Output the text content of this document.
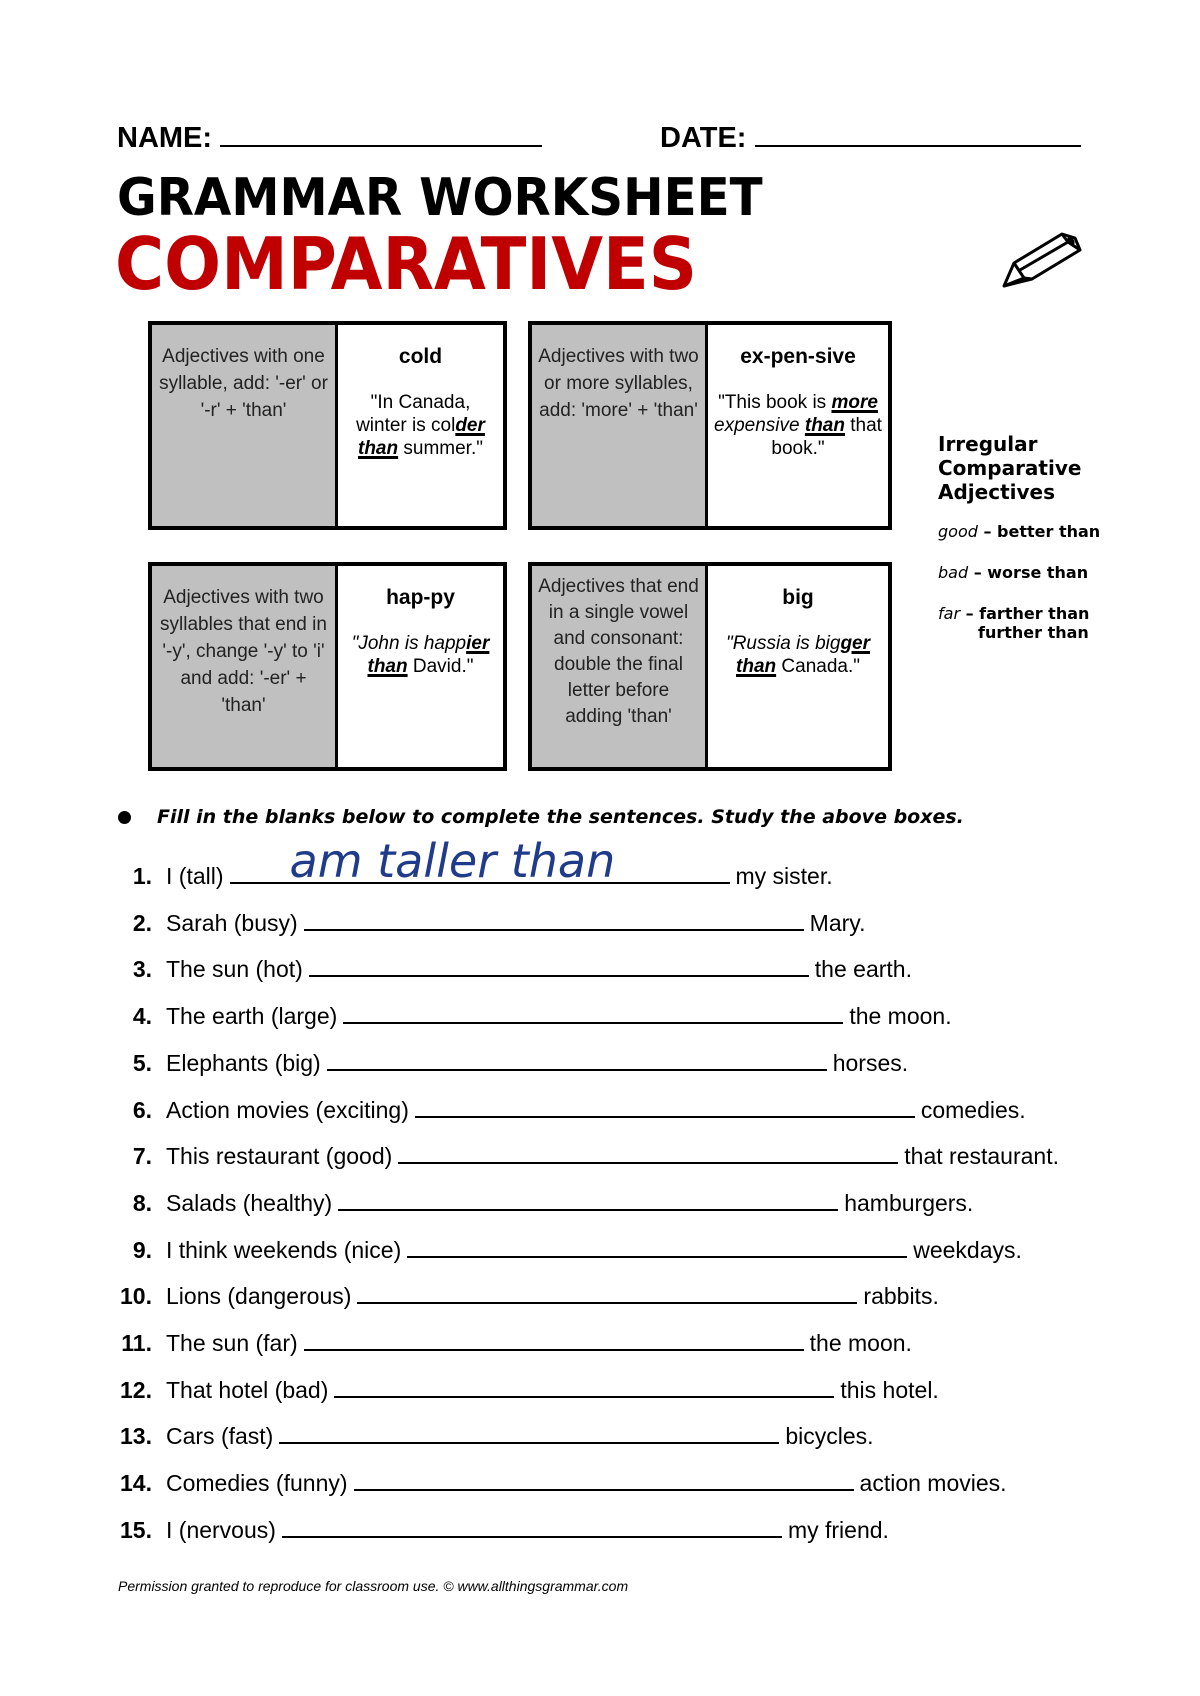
NAME:	DATE:
GRAMMAR WORKSHEET
COMPARATIVES
Adjectives with one syllable, add: '-er' or '-r' + 'than'
cold
"In Canada, winter is colder than summer."
Adjectives with two or more syllables, add: 'more' + 'than'
ex-pen-sive
"This book is more expensive than that book."
Adjectives with two syllables that end in '-y', change '-y' to 'i' and add: '-er' + 'than'
hap-py
"John is happier than David."
Adjectives that end in a single vowel and consonant: double the final letter before adding 'than'
big
"Russia is bigger than Canada."
Irregular Comparative Adjectives
good – better than
bad – worse than
far – farther than
further than
Fill in the blanks below to complete the sentences. Study the above boxes.
1. I (tall) am taller than	my sister.
2. Sarah (busy)	Mary.
3. The sun (hot)	the earth.
4. The earth (large)	the moon.
5. Elephants (big)	horses.
6. Action movies (exciting)	comedies.
7. This restaurant (good)	that restaurant.
8. Salads (healthy)	hamburgers.
9. I think weekends (nice)	weekdays.
10. Lions (dangerous)	rabbits.
11. The sun (far)	the moon.
12. That hotel (bad)	this hotel.
13. Cars (fast)	bicycles.
14. Comedies (funny)	action movies.
15. I (nervous)	my friend.
Permission granted to reproduce for classroom use. © www.allthingsgrammar.com
